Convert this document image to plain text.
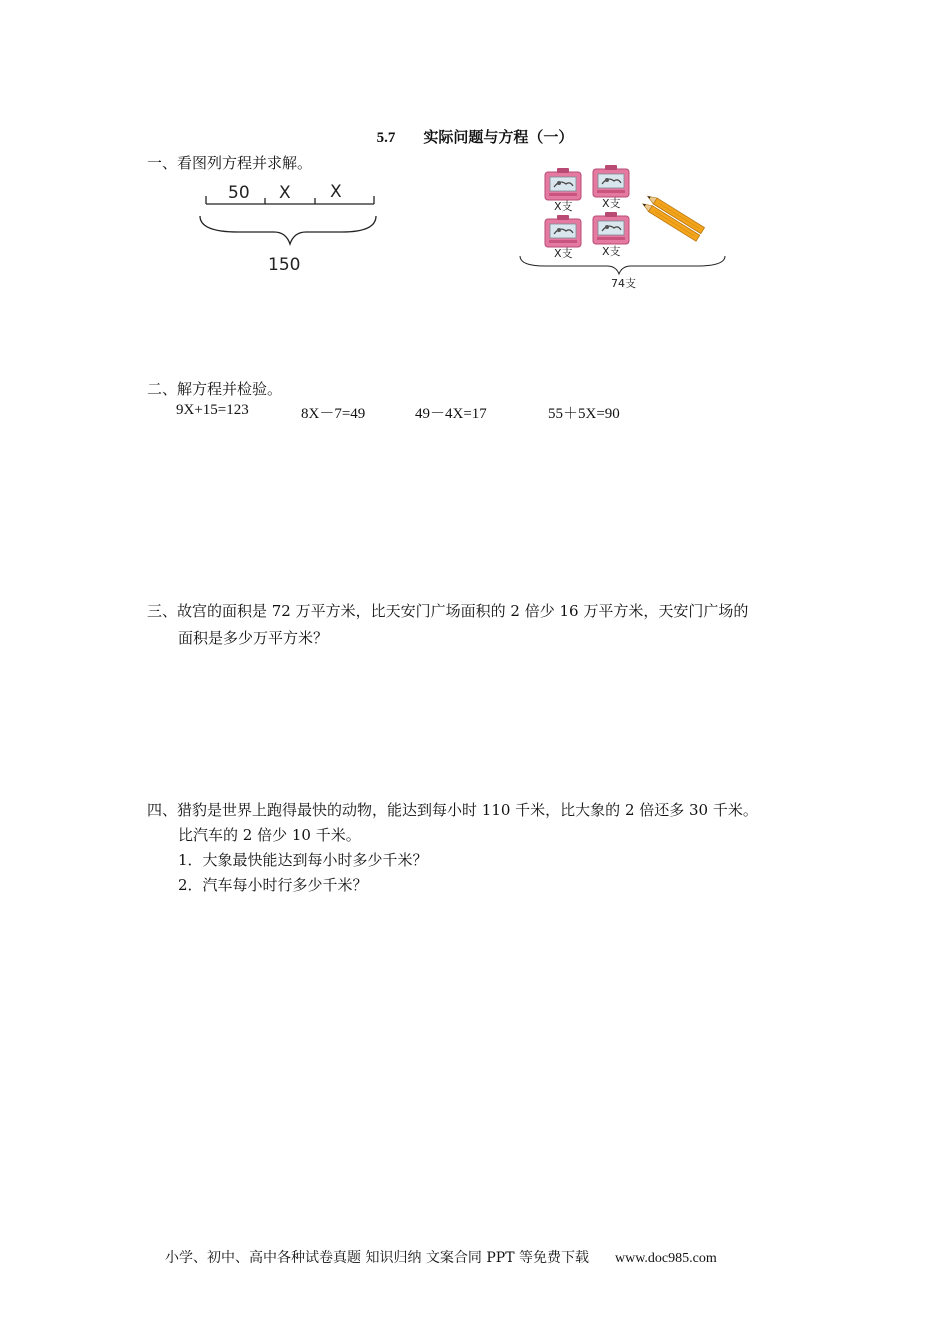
5.7 实际问题与方程（一）
一、看图列方程并求解。
50 X X
150
X支	X支
X支	X支
74支
二、解方程并检验。
9X+15=123	8X－7=49	49－4X=17	55＋5X=90
三、故宫的面积是 72 万平方米，比天安门广场面积的 2 倍少 16 万平方米，天安门广场的
面积是多少万平方米？
四、猎豹是世界上跑得最快的动物，能达到每小时 110 千米，比大象的 2 倍还多 30 千米。
比汽车的 2 倍少 10 千米。
1．大象最快能达到每小时多少千米？
2．汽车每小时行多少千米？
小学、初中、高中各种试卷真题 知识归纳 文案合同 PPT 等免费下载 www.doc985.com
